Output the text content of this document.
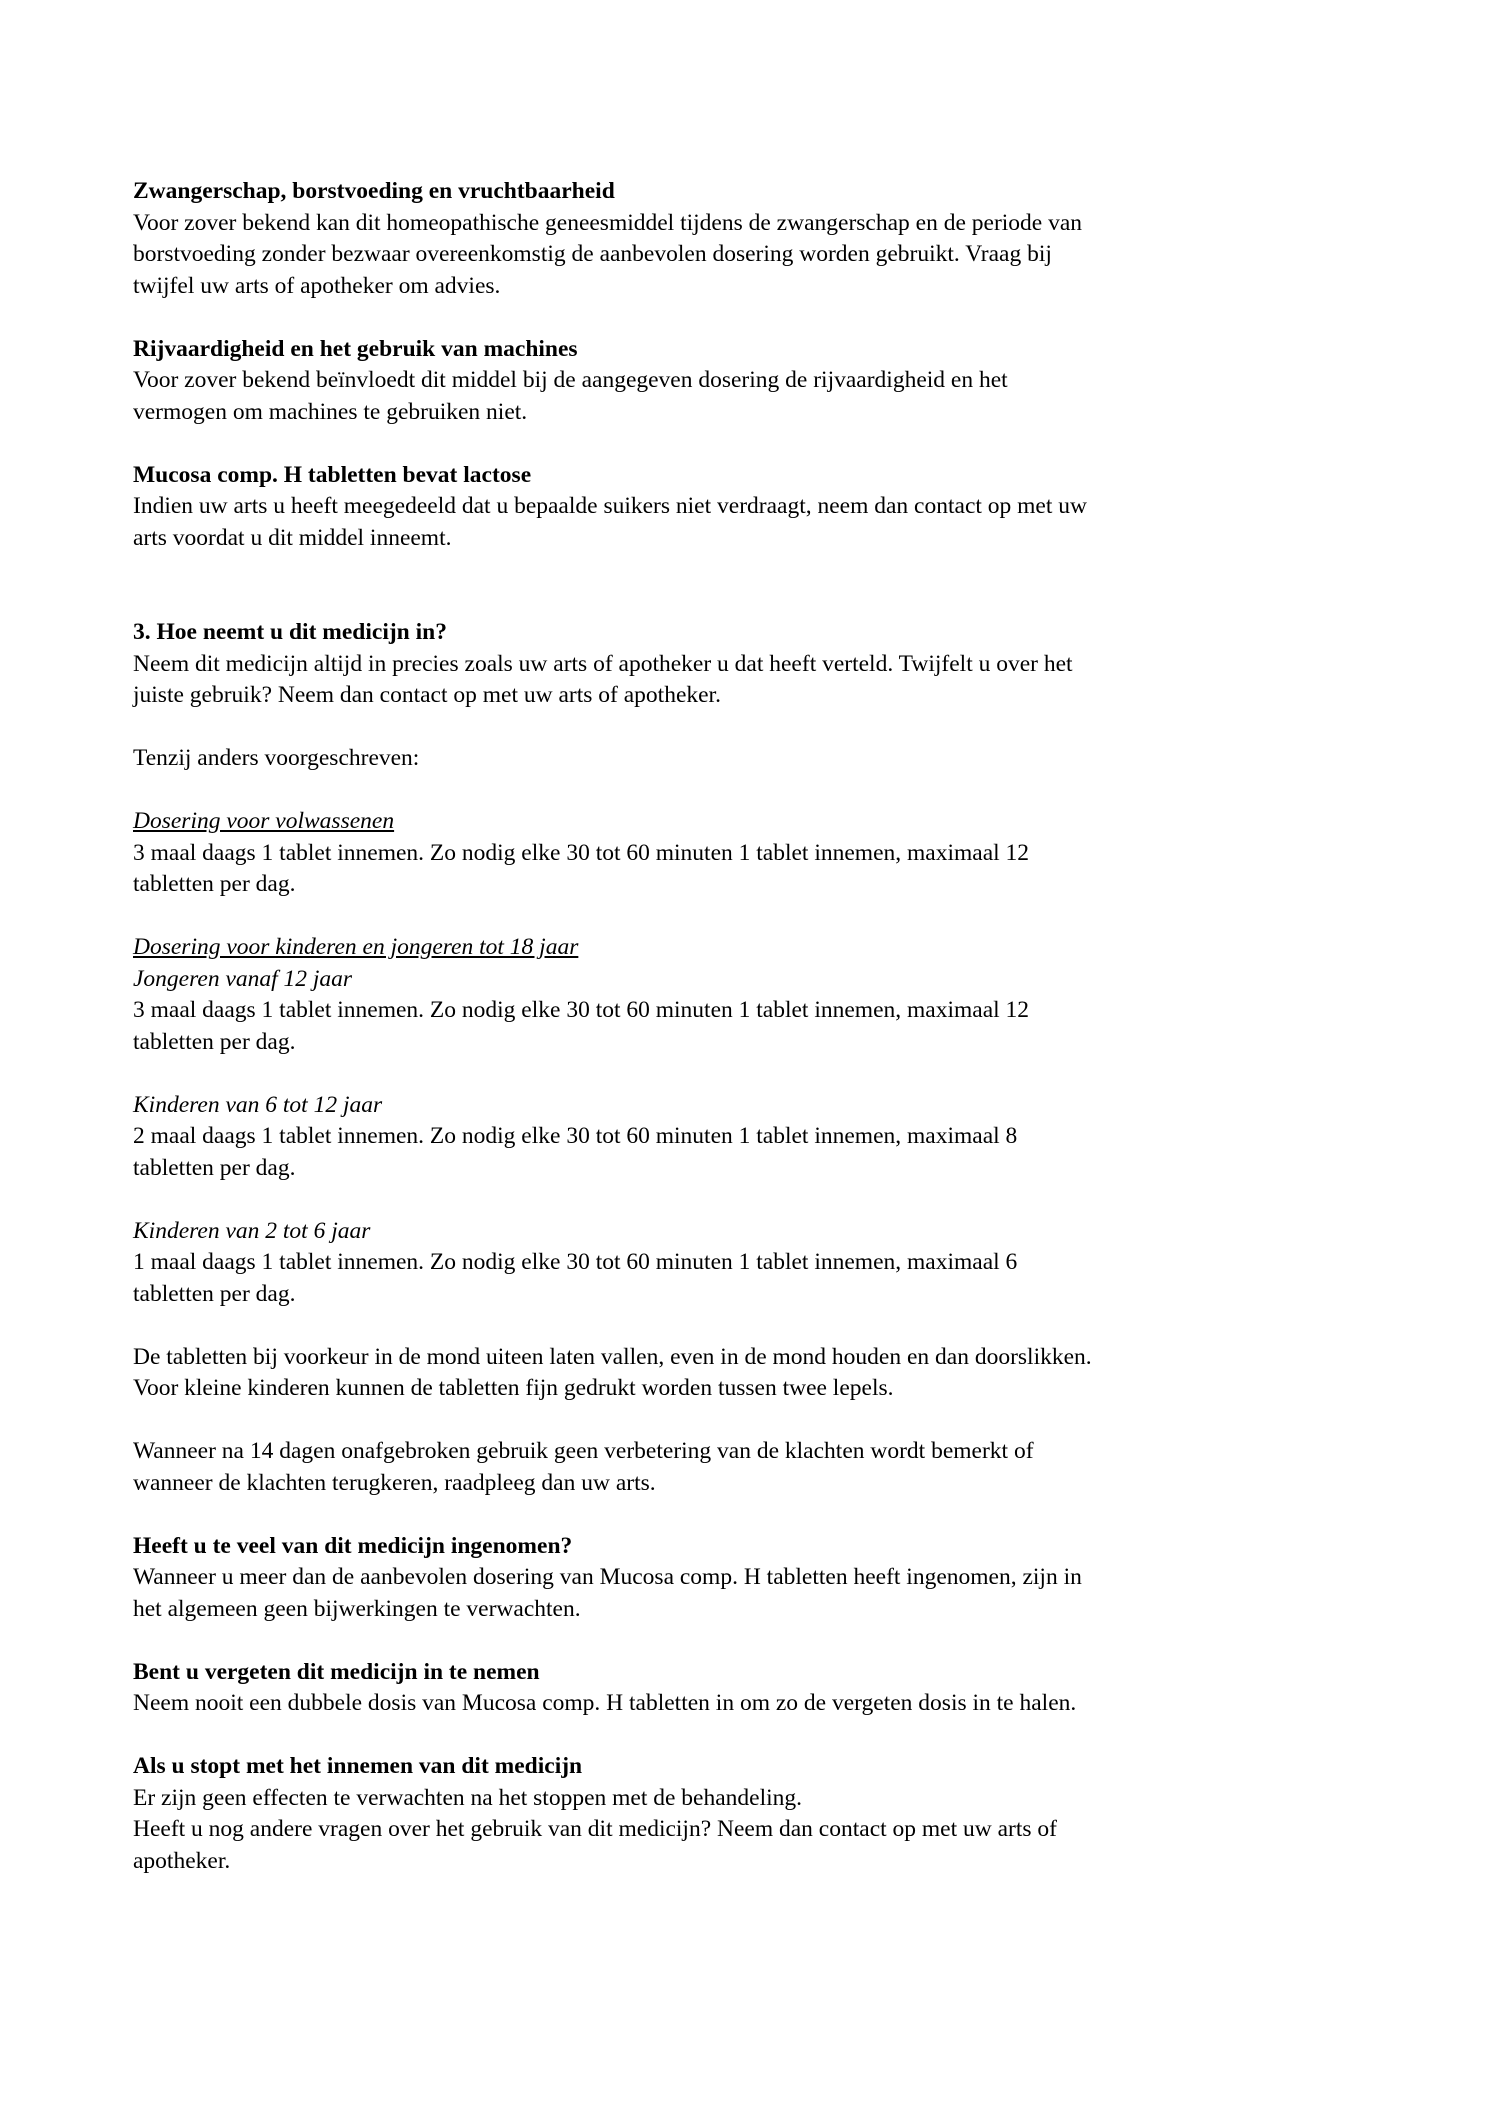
Zwangerschap, borstvoeding en vruchtbaarheid
Voor zover bekend kan dit homeopathische geneesmiddel tijdens de zwangerschap en de periode van
borstvoeding zonder bezwaar overeenkomstig de aanbevolen dosering worden gebruikt. Vraag bij
twijfel uw arts of apotheker om advies.
Rijvaardigheid en het gebruik van machines
Voor zover bekend beïnvloedt dit middel bij de aangegeven dosering de rijvaardigheid en het
vermogen om machines te gebruiken niet.
Mucosa comp. H tabletten bevat lactose
Indien uw arts u heeft meegedeeld dat u bepaalde suikers niet verdraagt, neem dan contact op met uw
arts voordat u dit middel inneemt.
3. Hoe neemt u dit medicijn in?
Neem dit medicijn altijd in precies zoals uw arts of apotheker u dat heeft verteld. Twijfelt u over het
juiste gebruik? Neem dan contact op met uw arts of apotheker.
Tenzij anders voorgeschreven:
Dosering voor volwassenen
3 maal daags 1 tablet innemen. Zo nodig elke 30 tot 60 minuten 1 tablet innemen, maximaal 12
tabletten per dag.
Dosering voor kinderen en jongeren tot 18 jaar
Jongeren vanaf 12 jaar
3 maal daags 1 tablet innemen. Zo nodig elke 30 tot 60 minuten 1 tablet innemen, maximaal 12
tabletten per dag.
Kinderen van 6 tot 12 jaar
2 maal daags 1 tablet innemen. Zo nodig elke 30 tot 60 minuten 1 tablet innemen, maximaal 8
tabletten per dag.
Kinderen van 2 tot 6 jaar
1 maal daags 1 tablet innemen. Zo nodig elke 30 tot 60 minuten 1 tablet innemen, maximaal 6
tabletten per dag.
De tabletten bij voorkeur in de mond uiteen laten vallen, even in de mond houden en dan doorslikken.
Voor kleine kinderen kunnen de tabletten fijn gedrukt worden tussen twee lepels.
Wanneer na 14 dagen onafgebroken gebruik geen verbetering van de klachten wordt bemerkt of
wanneer de klachten terugkeren, raadpleeg dan uw arts.
Heeft u te veel van dit medicijn ingenomen?
Wanneer u meer dan de aanbevolen dosering van Mucosa comp. H tabletten heeft ingenomen, zijn in
het algemeen geen bijwerkingen te verwachten.
Bent u vergeten dit medicijn in te nemen
Neem nooit een dubbele dosis van Mucosa comp. H tabletten in om zo de vergeten dosis in te halen.
Als u stopt met het innemen van dit medicijn
Er zijn geen effecten te verwachten na het stoppen met de behandeling.
Heeft u nog andere vragen over het gebruik van dit medicijn? Neem dan contact op met uw arts of
apotheker.
